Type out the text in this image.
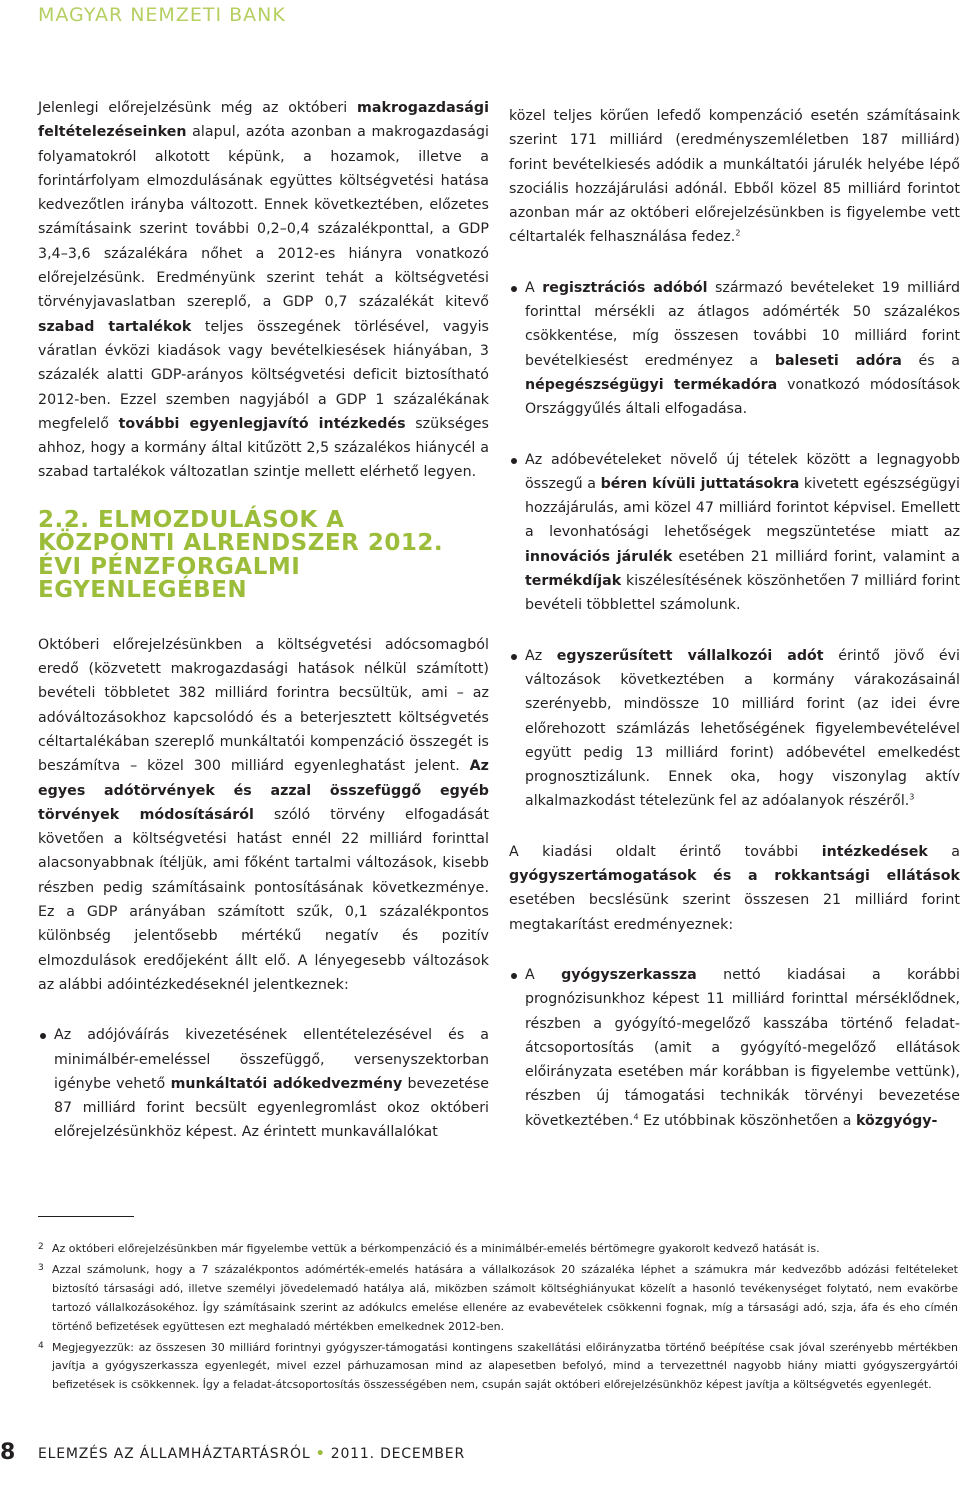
MAGYAR NEMZETI BANK

Jelenlegi előrejelzésünk még az októberi makrogazdasági feltételezéseinken alapul, azóta azonban a makrogazdasági folyamatokról alkotott képünk, a hozamok, illetve a forintárfolyam elmozdulásának együttes költségvetési hatása kedvezőtlen irányba változott. Ennek következtében, előzetes számításaink szerint további 0,2–0,4 százalékponttal, a GDP 3,4–3,6 százalékára nőhet a 2012-es hiányra vonatkozó előrejelzésünk. Eredményünk szerint tehát a költségvetési törvényjavaslatban szereplő, a GDP 0,7 százalékát kitevő szabad tartalékok teljes összegének törlésével, vagyis váratlan évközi kiadások vagy bevételkiesések hiányában, 3 százalék alatti GDP-arányos költségvetési deficit biztosítható 2012-ben. Ezzel szemben nagyjából a GDP 1 százalékának megfelelő további egyenlegjavító intézkedés szükséges ahhoz, hogy a kormány által kitűzött 2,5 százalékos hiánycél a szabad tartalékok változatlan szintje mellett elérhető legyen.

2.2. ELMOZDULÁSOK A KÖZPONTI ALRENDSZER 2012. ÉVI PÉNZFORGALMI EGYENLEGÉBEN

Októberi előrejelzésünkben a költségvetési adócsomagból eredő (közvetett makrogazdasági hatások nélkül számított) bevételi többletet 382 milliárd forintra becsültük, ami – az adóváltozásokhoz kapcsolódó és a beterjesztett költségvetés céltartalékában szereplő munkáltatói kompenzáció összegét is beszámítva – közel 300 milliárd egyenleghatást jelent. Az egyes adótörvények és azzal összefüggő egyéb törvények módosításáról szóló törvény elfogadását követően a költségvetési hatást ennél 22 milliárd forinttal alacsonyabbnak ítéljük, ami főként tartalmi változások, kisebb részben pedig számításaink pontosításának következménye. Ez a GDP arányában számított szűk, 0,1 százalékpontos különbség jelentősebb mértékű negatív és pozitív elmozdulások eredőjeként állt elő. A lényegesebb változások az alábbi adóintézkedéseknél jelentkeznek:

Az adójóváírás kivezetésének ellentételezésével és a minimálbér-emeléssel összefüggő, versenyszektorban igénybe vehető munkáltatói adókedvezmény bevezetése 87 milliárd forint becsült egyenlegromlást okoz októberi előrejelzésünkhöz képest. Az érintett munkavállalókat

közel teljes körűen lefedő kompenzáció esetén számításaink szerint 171 milliárd (eredményszemléletben 187 milliárd) forint bevételkiesés adódik a munkáltatói járulék helyébe lépő szociális hozzájárulási adónál. Ebből közel 85 milliárd forintot azonban már az októberi előrejelzésünkben is figyelembe vett céltartalék felhasználása fedez.$^2$

A regisztrációs adóból származó bevételeket 19 milliárd forinttal mérsékli az átlagos adómérték 50 százalékos csökkentése, míg összesen további 10 milliárd forint bevételkiesést eredményez a baleseti adóra és a népegészségügyi termékadóra vonatkozó módosítások Országgyűlés általi elfogadása.
Az adóbevételeket növelő új tételek között a legnagyobb összegű a béren kívüli juttatásokra kivetett egészségügyi hozzájárulás, ami közel 47 milliárd forintot képvisel. Emellett a levonhatósági lehetőségek megszüntetése miatt az innovációs járulék esetében 21 milliárd forint, valamint a termékdíjak kiszélesítésének köszönhetően 7 milliárd forint bevételi többlettel számolunk.
Az egyszerűsített vállalkozói adót érintő jövő évi változások következtében a kormány várakozásainál szerényebb, mindössze 10 milliárd forint (az idei évre előrehozott számlázás lehetőségének figyelembevételével együtt pedig 13 milliárd forint) adóbevétel emelkedést prognosztizálunk. Ennek oka, hogy viszonylag aktív alkalmazkodást tételezünk fel az adóalanyok részéről.$^3$

A kiadási oldalt érintő további intézkedések a gyógyszertámogatások és a rokkantsági ellátások esetében becslésünk szerint összesen 21 milliárd forint megtakarítást eredményeznek:

A gyógyszerkassza nettó kiadásai a korábbi prognózisunkhoz képest 11 milliárd forinttal mérséklődnek, részben a gyógyító-megelőző kasszába történő feladat-átcsoportosítás (amit a gyógyító-megelőző ellátások előirányzata esetében már korábban is figyelembe vettünk), részben új támogatási technikák törvényi bevezetése következtében.$^4$ Ez utóbbinak köszönhetően a közgyógy-

2 Az októberi előrejelzésünkben már figyelembe vettük a bérkompenzáció és a minimálbér-emelés bértömegre gyakorolt kedvező hatását is.

3 Azzal számolunk, hogy a 7 százalékpontos adómérték-emelés hatására a vállalkozások 20 százaléka léphet a számukra már kedvezőbb adózási feltételeket biztosító társasági adó, illetve személyi jövedelemadó hatálya alá, miközben számolt költséghiányukat közelít a hasonló tevékenységet folytató, nem evakörbe tartozó vállalkozásokéhoz. Így számításaink szerint az adókulcs emelése ellenére az evabevételek csökkenni fognak, míg a társasági adó, szja, áfa és eho címén történő befizetések együttesen ezt meghaladó mértékben emelkednek 2012-ben.

4 Megjegyezzük: az összesen 30 milliárd forintnyi gyógyszer-támogatási kontingens szakellátási előirányzatba történő beépítése csak jóval szerényebb mértékben javítja a gyógyszerkassza egyenlegét, mivel ezzel párhuzamosan mind az alapesetben befolyó, mind a tervezettnél nagyobb hiány miatti gyógyszergyártói befizetések is csökkennek. Így a feladat-átcsoportosítás összességében nem, csupán saját októberi előrejelzésünkhöz képest javítja a költségvetés egyenlegét.

8 ELEMZÉS AZ ÁLLAMHÁZTARTÁSRÓL • 2011. DECEMBER
